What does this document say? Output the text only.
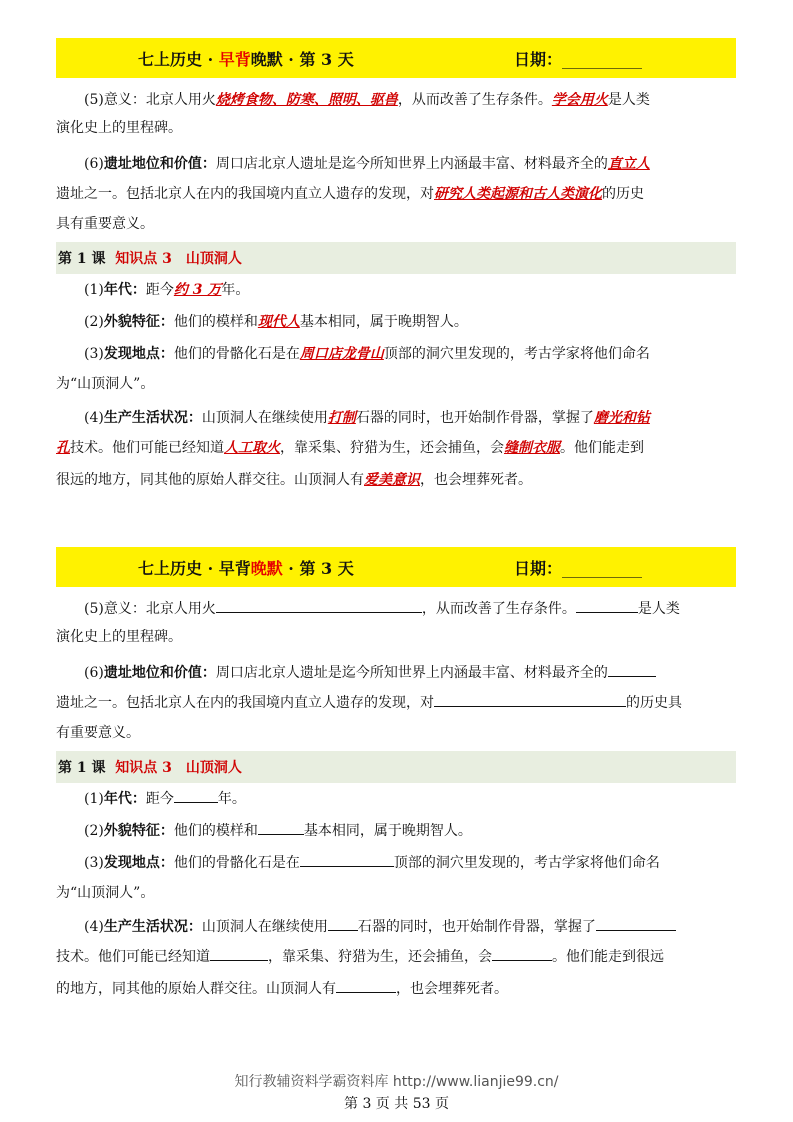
七上历史 · 早背晚默 · 第 3 天	日期：__________
(5)意义：北京人用火烧烤食物、防寒、照明、驱兽，从而改善了生存条件。学会用火是人类
演化史上的里程碑。
(6)遗址地位和价值：周口店北京人遗址是迄今所知世界上内涵最丰富、材料最齐全的直立人
遗址之一。包括北京人在内的我国境内直立人遗存的发现，对研究人类起源和古人类演化的历史
具有重要意义。
第 1 课
知识点 3　山顶洞人
(1)年代：距今约 3 万年。
(2)外貌特征：他们的模样和现代人基本相同，属于晚期智人。
(3)发现地点：他们的骨骼化石是在周口店龙骨山顶部的洞穴里发现的，考古学家将他们命名
为“山顶洞人”。
(4)生产生活状况：山顶洞人在继续使用打制石器的同时，也开始制作骨器，掌握了磨光和钻
孔技术。他们可能已经知道人工取火，靠采集、狩猎为生，还会捕鱼，会缝制衣服。他们能走到
很远的地方，同其他的原始人群交往。山顶洞人有爱美意识，也会埋葬死者。
七上历史 · 早背晚默 · 第 3 天	日期：__________
(5)意义：北京人用火	，从而改善了生存条件。	是人类
演化史上的里程碑。
(6)遗址地位和价值：周口店北京人遗址是迄今所知世界上内涵最丰富、材料最齐全的
遗址之一。包括北京人在内的我国境内直立人遗存的发现，对	的历史具
有重要意义。
第 1 课
知识点 3　山顶洞人
(1)年代：距今	年。
(2)外貌特征：他们的模样和	基本相同，属于晚期智人。
(3)发现地点：他们的骨骼化石是在	顶部的洞穴里发现的，考古学家将他们命名
为“山顶洞人”。
(4)生产生活状况：山顶洞人在继续使用 石器的同时，也开始制作骨器，掌握了
技术。他们可能已经知道	，靠采集、狩猎为生，还会捕鱼，会	。他们能走到很远
的地方，同其他的原始人群交往。山顶洞人有	，也会埋葬死者。
知行教辅资料学霸资料库 http://www.lianjie99.cn/
第 3 页 共 53 页
